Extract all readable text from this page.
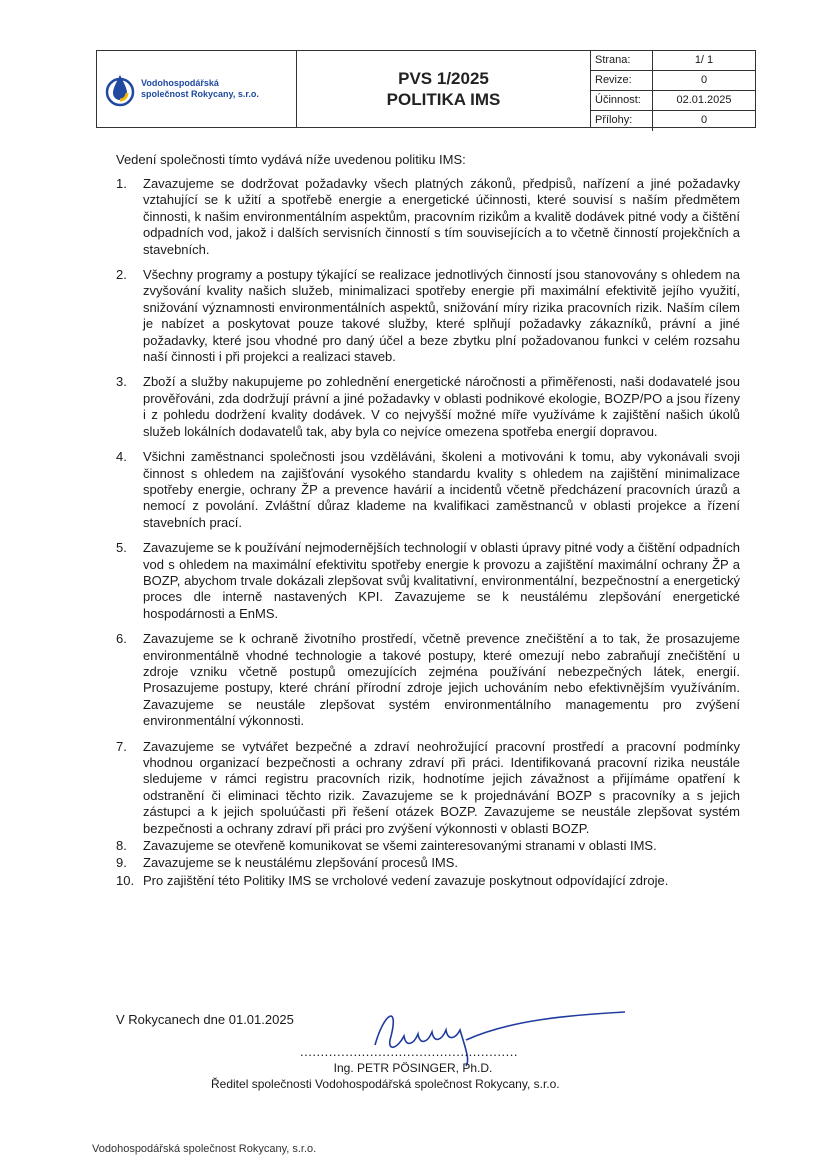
Vodohospodářská
společnost Rokycany, s.r.o.
PVS 1/2025
POLITIKA IMS
Strana:	1/ 1
Revize:	0
Účinnost:	02.01.2025
Přílohy:	0
Vedení společnosti tímto vydává níže uvedenou politiku IMS:
1.	Zavazujeme se dodržovat požadavky všech platných zákonů, předpisů, nařízení a jiné požadavky vztahující se k užití a spotřebě energie a energetické účinnosti, které souvisí s naším předmětem činnosti, k našim environmentálním aspektům, pracovním rizikům a kvalitě dodávek pitné vody a čištění odpadních vod, jakož i dalších servisních činností s tím souvisejících a to včetně činností projekčních a stavebních.
2.	Všechny programy a postupy týkající se realizace jednotlivých činností jsou stanovovány s ohledem na zvyšování kvality našich služeb, minimalizaci spotřeby energie při maximální efektivitě jejího využití, snižování významnosti environmentálních aspektů, snižování míry rizika pracovních rizik. Naším cílem je nabízet a poskytovat pouze takové služby, které splňují požadavky zákazníků, právní a jiné požadavky, které jsou vhodné pro daný účel a beze zbytku plní požadovanou funkci v celém rozsahu naší činnosti i při projekci a realizaci staveb.
3.	Zboží a služby nakupujeme po zohlednění energetické náročnosti a přiměřenosti, naši dodavatelé jsou prověřováni, zda dodržují právní a jiné požadavky v oblasti podnikové ekologie, BOZP/PO a jsou řízeny i z pohledu dodržení kvality dodávek. V co nejvyšší možné míře využíváme k zajištění našich úkolů služeb lokálních dodavatelů tak, aby byla co nejvíce omezena spotřeba energií dopravou.
4.	Všichni zaměstnanci společnosti jsou vzděláváni, školeni a motivováni k tomu, aby vykonávali svoji činnost s ohledem na zajišťování vysokého standardu kvality s ohledem na zajištění minimalizace spotřeby energie, ochrany ŽP a prevence havárií a incidentů včetně předcházení pracovních úrazů a nemocí z povolání. Zvláštní důraz klademe na kvalifikaci zaměstnanců v oblasti projekce a řízení stavebních prací.
5.	Zavazujeme se k používání nejmodernějších technologií v oblasti úpravy pitné vody a čištění odpadních vod s ohledem na maximální efektivitu spotřeby energie k provozu a zajištění maximální ochrany ŽP a BOZP, abychom trvale dokázali zlepšovat svůj kvalitativní, environmentální, bezpečnostní a energetický proces dle interně nastavených KPI. Zavazujeme se k neustálému zlepšování energetické hospodárnosti a EnMS.
6.	Zavazujeme se k ochraně životního prostředí, včetně prevence znečištění a to tak, že prosazujeme environmentálně vhodné technologie a takové postupy, které omezují nebo zabraňují znečištění u zdroje vzniku včetně postupů omezujících zejména používání nebezpečných látek, energií. Prosazujeme postupy, které chrání přírodní zdroje jejich uchováním nebo efektivnějším využíváním. Zavazujeme se neustále zlepšovat systém environmentálního managementu pro zvýšení environmentální výkonnosti.
7.	Zavazujeme se vytvářet bezpečné a zdraví neohrožující pracovní prostředí a pracovní podmínky vhodnou organizací bezpečnosti a ochrany zdraví při práci. Identifikovaná pracovní rizika neustále sledujeme v rámci registru pracovních rizik, hodnotíme jejich závažnost a přijímáme opatření k odstranění či eliminaci těchto rizik. Zavazujeme se k projednávání BOZP s pracovníky a s jejich zástupci a k jejich spoluúčasti při řešení otázek BOZP. Zavazujeme se neustále zlepšovat systém bezpečnosti a ochrany zdraví při práci pro zvýšení výkonnosti v oblasti BOZP.
8.	Zavazujeme se otevřeně komunikovat se všemi zainteresovanými stranami v oblasti IMS.
9.	Zavazujeme se k neustálému zlepšování procesů IMS.
10. Pro zajištění této Politiky IMS se vrcholové vedení zavazuje poskytnout odpovídající zdroje.
V Rokycanech dne 01.01.2025
.....................................................
Ing. PETR PÖSINGER, Ph.D.
Ředitel společnosti Vodohospodářská společnost Rokycany, s.r.o.
Vodohospodářská společnost Rokycany, s.r.o.
